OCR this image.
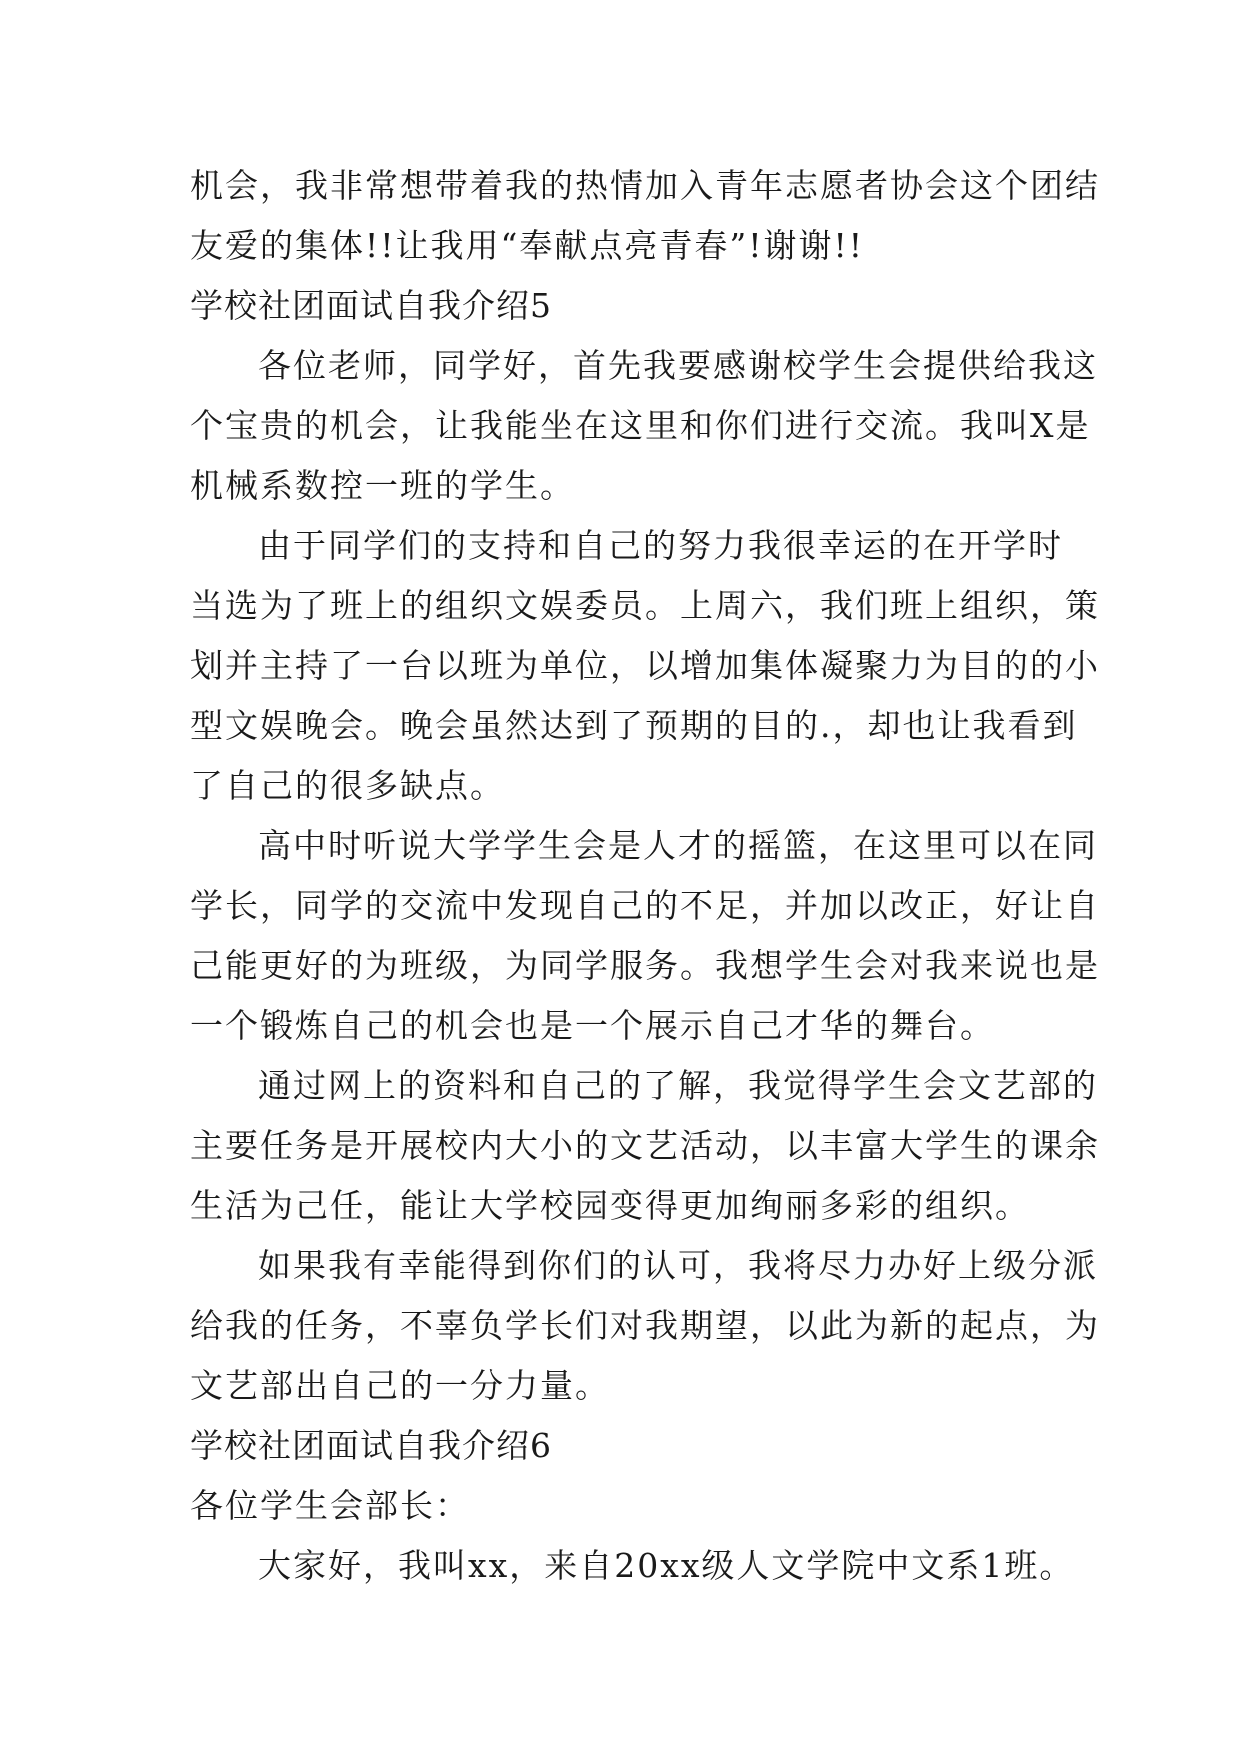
机会，我非常想带着我的热情加入青年志愿者协会这个团结
友爱的集体!!让我用“奉献点亮青春”!谢谢!!
学校社团面试自我介绍5
各位老师，同学好，首先我要感谢校学生会提供给我这
个宝贵的机会，让我能坐在这里和你们进行交流。我叫X是
机械系数控一班的学生。
由于同学们的支持和自己的努力我很幸运的在开学时
当选为了班上的组织文娱委员。上周六，我们班上组织，策
划并主持了一台以班为单位，以增加集体凝聚力为目的的小
型文娱晚会。晚会虽然达到了预期的目的.，却也让我看到
了自己的很多缺点。
高中时听说大学学生会是人才的摇篮，在这里可以在同
学长，同学的交流中发现自己的不足，并加以改正，好让自
己能更好的为班级，为同学服务。我想学生会对我来说也是
一个锻炼自己的机会也是一个展示自己才华的舞台。
通过网上的资料和自己的了解，我觉得学生会文艺部的
主要任务是开展校内大小的文艺活动，以丰富大学生的课余
生活为己任，能让大学校园变得更加绚丽多彩的组织。
如果我有幸能得到你们的认可，我将尽力办好上级分派
给我的任务，不辜负学长们对我期望，以此为新的起点，为
文艺部出自己的一分力量。
学校社团面试自我介绍6
各位学生会部长：
大家好，我叫xx，来自20xx级人文学院中文系1班。
